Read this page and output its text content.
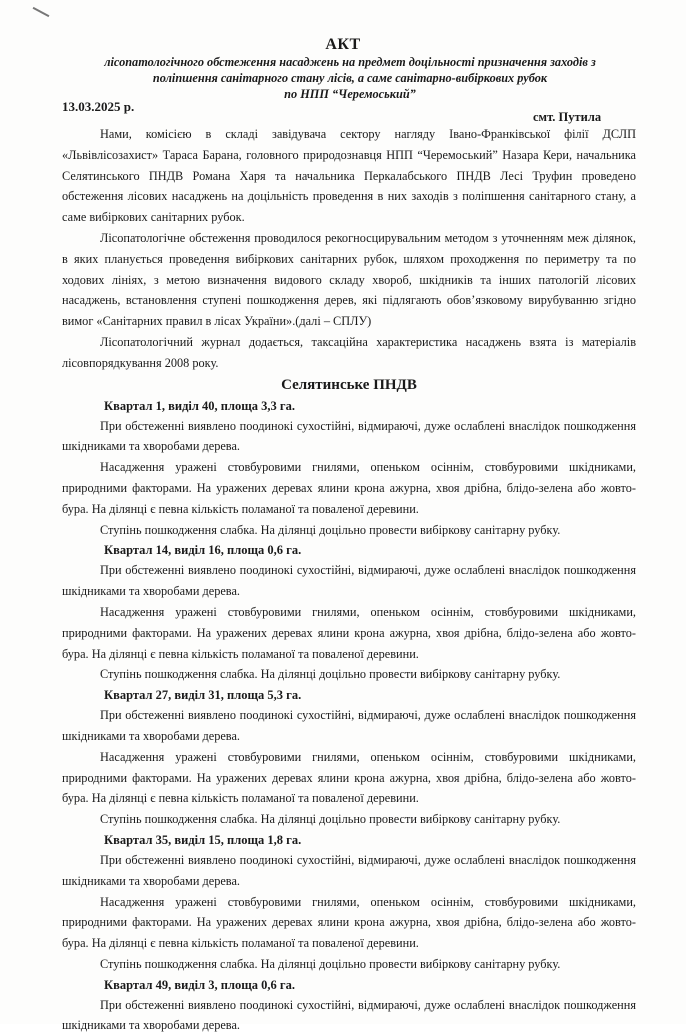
АКТ
лісопатологічного обстеження насаджень на предмет доцільності призначення заходів з
поліпшення санітарного стану лісів, а саме санітарно-вибіркових рубок
по НПП “Черемоський”
13.03.2025 р.
смт. Путила

Нами, комісією в складі завідувача сектору нагляду Івано-Франківської філії ДСЛП «Львівлісозахист» Тараса Барана, головного природознавця НПП “Черемоський” Назара Кери, начальника Селятинського ПНДВ Романа Харя та начальника Перкалабського ПНДВ Лесі Труфин проведено обстеження лісових насаджень на доцільність проведення в них заходів з поліпшення санітарного стану, а саме вибіркових санітарних рубок.

Лісопатологічне обстеження проводилося рекогносцирувальним методом з уточненням меж ділянок, в яких планується проведення вибіркових санітарних рубок, шляхом проходження по периметру та по ходових лініях, з метою визначення видового складу хвороб, шкідників та інших патологій лісових насаджень, встановлення ступені пошкодження дерев, які підлягають обов’язковому вирубуванню згідно вимог «Санітарних правил в лісах України».(далі – СПЛУ)

Лісопатологічний журнал додається, таксаційна характеристика насаджень взята із матеріалів лісовпорядкування 2008 року.

Селятинське ПНДВ
Квартал 1, виділ 40, площа 3,3 га.

При обстеженні виявлено поодинокі сухостійні, відмираючі, дуже ослаблені внаслідок пошкодження шкідниками та хворобами дерева.

Насадження уражені стовбуровими гнилями, опеньком осіннім, стовбуровими шкідниками, природними факторами. На уражених деревах ялини крона ажурна, хвоя дрібна, блідо-зелена або жовто-бура. На ділянці є певна кількість поламаної та поваленої деревини.

Ступінь пошкодження слабка. На ділянці доцільно провести вибіркову санітарну рубку.

Квартал 14, виділ 16, площа 0,6 га.

При обстеженні виявлено поодинокі сухостійні, відмираючі, дуже ослаблені внаслідок пошкодження шкідниками та хворобами дерева.

Насадження уражені стовбуровими гнилями, опеньком осіннім, стовбуровими шкідниками, природними факторами. На уражених деревах ялини крона ажурна, хвоя дрібна, блідо-зелена або жовто-бура. На ділянці є певна кількість поламаної та поваленої деревини.

Ступінь пошкодження слабка. На ділянці доцільно провести вибіркову санітарну рубку.

Квартал 27, виділ 31, площа 5,3 га.

При обстеженні виявлено поодинокі сухостійні, відмираючі, дуже ослаблені внаслідок пошкодження шкідниками та хворобами дерева.

Насадження уражені стовбуровими гнилями, опеньком осіннім, стовбуровими шкідниками, природними факторами. На уражених деревах ялини крона ажурна, хвоя дрібна, блідо-зелена або жовто-бура. На ділянці є певна кількість поламаної та поваленої деревини.

Ступінь пошкодження слабка. На ділянці доцільно провести вибіркову санітарну рубку.

Квартал 35, виділ 15, площа 1,8 га.

При обстеженні виявлено поодинокі сухостійні, відмираючі, дуже ослаблені внаслідок пошкодження шкідниками та хворобами дерева.

Насадження уражені стовбуровими гнилями, опеньком осіннім, стовбуровими шкідниками, природними факторами. На уражених деревах ялини крона ажурна, хвоя дрібна, блідо-зелена або жовто-бура. На ділянці є певна кількість поламаної та поваленої деревини.

Ступінь пошкодження слабка. На ділянці доцільно провести вибіркову санітарну рубку.

Квартал 49, виділ 3, площа 0,6 га.

При обстеженні виявлено поодинокі сухостійні, відмираючі, дуже ослаблені внаслідок пошкодження шкідниками та хворобами дерева.
